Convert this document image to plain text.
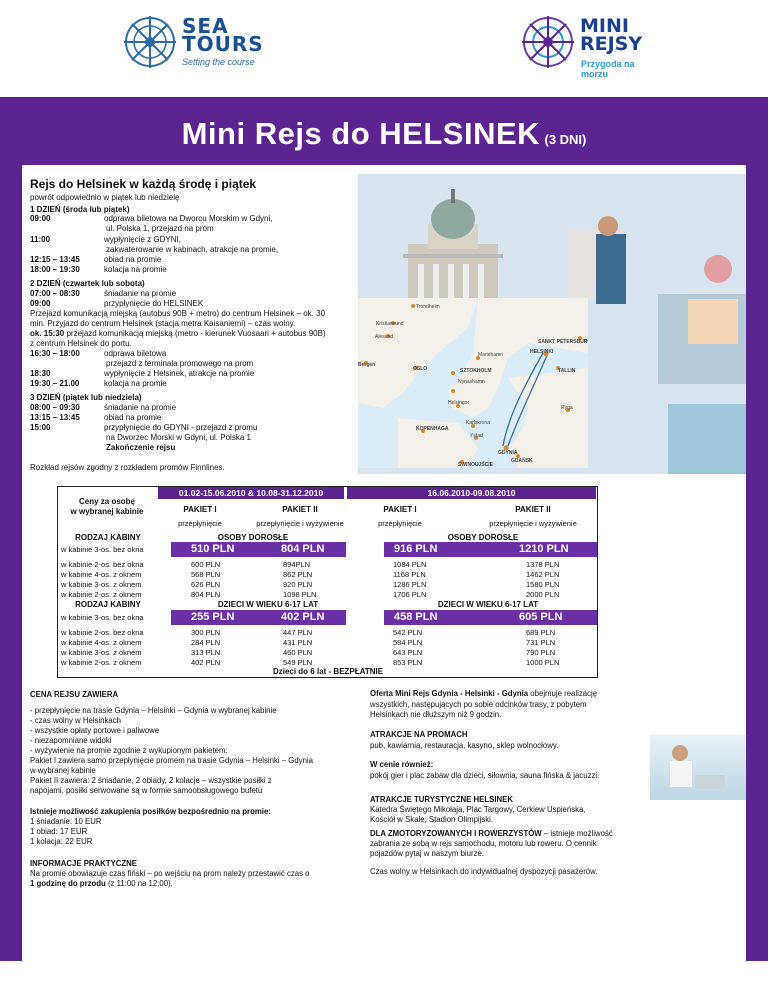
SEA
TOURS
Setting the course
MINI
REJSY
Przygoda na morzu
Mini Rejs do HELSINEK (3 DNI)
Trondheim
Kristiansund
Alesund
HELSINKI
SANKT PETERSBURG
Bergen
OSLO	SZTOKHOLM	TALLIN
Mariehamn
Nynashamn
Helsingor
Karlskrona
Ryga
KOPENHAGA
Ystad
GDYNIA
GDAŃSK
ŚWINOUJŚCIE
Rejs do Helsinek w każdą środę i piątek
powrót odpowiednio w piątek lub niedzielę
1 DZIEŃ (środa lub piątek)
09:00	odprawa biletowa na Dworcu Morskim w Gdyni,
ul. Polska 1, przejazd na prom
11:00	wypłynięcie z GDYNI,
zakwaterowanie w kabinach, atrakcje na promie,
12:15 – 13:45	obiad na promie
18:00 – 19:30	kolacja na promie
2 DZIEŃ (czwartek lub sobota)
07:00 – 08:30	śniadanie na promie
09:00	przypłynięcie do HELSINEK
Przejazd komunikacją miejską (autobus 90B + metro) do centrum Helsinek – ok. 30
min. Przyjazd do centrum Helsinek (stacja metra Kaisaniemi) – czas wolny.
ok. 15:30 przejazd komunikacją miejską (metro - kierunek Vuosaari + autobus 90B)
z centrum Helsinek do portu.
16:30 – 18:00	odprawa biletowa
przejazd z terminala promowego na prom
18:30	wypłynięcie z Helsinek, atrakcje na promie
19:30 – 21.00	kolacja na promie
3 DZIEŃ (piątek lub niedziela)
08:00 – 09:30	śniadanie na promie
13:15 – 13:45	obiad na promie
15:00	przypłynięcie do GDYNI - przejazd z promu
na Dworzec Morski w Gdyni, ul. Polska 1
Zakończenie rejsu
Rozkład rejsów zgodny z rozkładem promów Finnlines.
Ceny za osobę
w wybranej kabinie
01.02-15.06.2010 & 10.08-31.12.2010	16.06.2010-09.08.2010
PAKIET I	PAKIET II	PAKIET I	PAKIET II
przepłynięcie	przepłynięcie i wyżywienie	przepłynięcie	przepłynięcie i wyżywienie
RODZAJ KABINY	OSOBY DOROSŁE	OSOBY DOROSŁE
w kabinie 3-os. bez okna	510 PLN	804 PLN	916 PLN	1210 PLN
w kabinie 2-os. bez okna	600 PLN	894PLN	1084 PLN	1378 PLN
w kabinie 4-os. z oknem	568 PLN	862 PLN	1168 PLN	1462 PLN
w kabinie 3-os. z oknem	626 PLN	920 PLN	1286 PLN	1580 PLN
w kabinie 2-os. z oknem	804 PLN	1098 PLN	1706 PLN	2000 PLN
RODZAJ KABINY	DZIECI W WIEKU 6-17 LAT	DZIECI W WIEKU 6-17 LAT
w kabinie 3-os. bez okna	255 PLN	402 PLN	458 PLN	605 PLN
w kabinie 2-os. bez okna	300 PLN	447 PLN	542 PLN	689 PLN
w kabinie 4-os. z oknem	284 PLN	431 PLN	584 PLN	731 PLN
w kabinie 3-os. z oknem	313 PLN	460 PLN	643 PLN	790 PLN
w kabinie 2-os. z oknem	402 PLN	549 PLN	853 PLN	1000 PLN
Dzieci do 6 lat - BEZPŁATNIE
CENA REJSU ZAWIERA
- przepłynięcie na trasie Gdynia – Helsinki – Gdynia w wybranej kabinie
- czas wolny w Helsinkach
- wszystkie opłaty portowe i paliwowe
- niezapomniane widoki
- wyżywienie na promie zgodnie z wykupionym pakietem:
Pakiet I zawiera samo przepłynięcie promem na trasie Gdynia – Helsinki – Gdynia
w wybranej kabinie
Pakiet II zawiera: 2 śniadanie, 2 obiady, 2 kolacje – wszystkie posiłki z
napojami, posiłki serwowane są w formie samoobsługowego bufetu
Istnieje możliwość zakupienia posiłków bezpośrednio na promie:
1 śniadanie: 10 EUR
1 obiad: 17 EUR
1 kolacja: 22 EUR
INFORMACJE PRAKTYCZNE
Na promie obowiązuje czas fiński – po wejściu na prom należy przestawić czas o
1 godzinę do przodu (z 11:00 na 12:00).
Oferta Mini Rejs Gdynia - Helsinki - Gdynia obejmuje realizację
wszystkich, następujących po sobie odcinków trasy, z pobytem
Helsinkach nie dłuższym niż 9 godzin.
ATRAKCJE NA PROMACH
pub, kawiarnia, restauracja, kasyno, sklep wolnocłowy.
W cenie również:
pokój gier i plac zabaw dla dzieci, siłownia, sauna fińska & jacuzzi.
ATRAKCJE TURYSTYCZNE HELSINEK
Katedra Świętego Mikołaja, Plac Targowy, Cerkiew Uspieńska,
Kościół w Skale, Stadion Olimpijski.
DLA ZMOTORYZOWANYCH I ROWERZYSTÓW – istnieje możliwość
zabrania ze sobą w rejs samochodu, motoru lub roweru. O cennik
pojazdów pytaj w naszym biurze.
Czas wolny w Helsinkach do indywidualnej dyspozycji pasażerów.
